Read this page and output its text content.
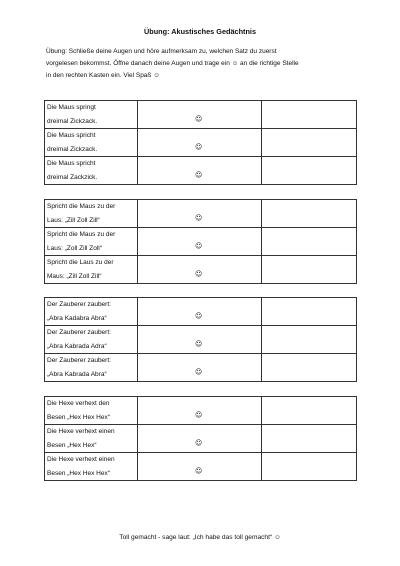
Übung: Akustisches Gedächtnis
Übung: Schließe deine Augen und höre aufmerksam zu, welchen Satz du zuerst
vorgelesen bekommst. Öffne danach deine Augen und trage ein ☺ an die richtige Stelle
in den rechten Kasten ein. Viel Spaß ☺
Die Maus springt
dreimal Zickzack.	☺
Die Maus spricht
dreimal Zickzack.	☺
Die Maus spricht
dreimal Zackzick.	☺
Spricht die Maus zu der
Laus: „Zill Zoll Zill“	☺
Spricht die Maus zu der
Laus: „Zoll Zill Zoll“	☺
Spricht die Laus zu der
Maus: „Zill Zoll Zill“	☺
Der Zauberer zaubert:
„Abra Kadabra Abra“	☺
Der Zauberer zaubert:
„Abra Kabrada Adra“	☺
Der Zauberer zaubert:
„Abra Kabrada Abra“	☺
Die Hexe verhext den
Besen „Hex Hex Hex“	☺
Die Hexe verhext einen
Besen „Hex Hex“	☺
Die Hexe verhext einen
Besen „Hex Hex Hex“	☺
Toll gemacht - sage laut: „Ich habe das toll gemacht“ ☺
